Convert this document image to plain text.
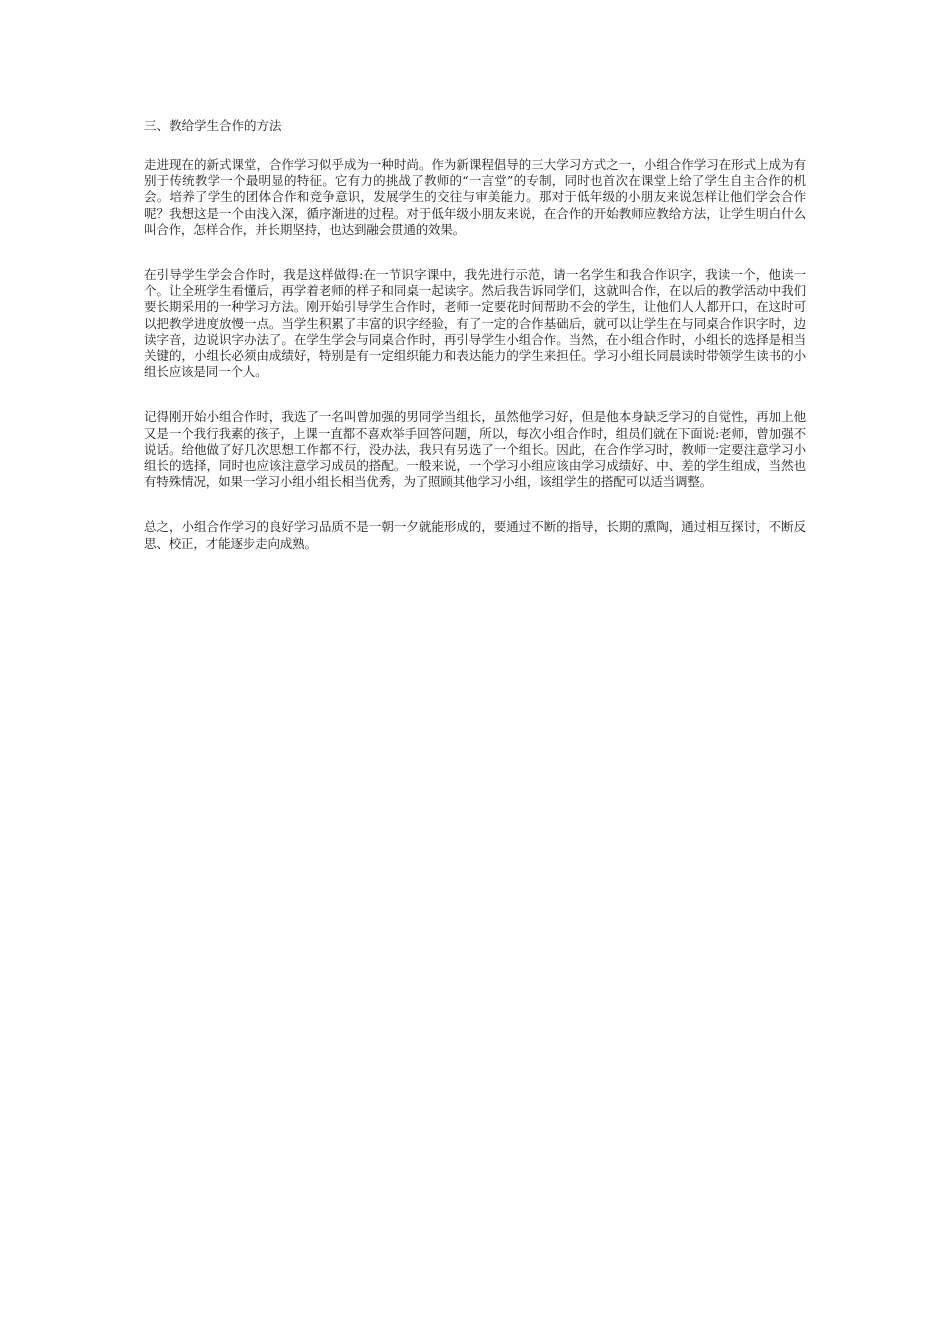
三、教给学生合作的方法

走进现在的新式课堂，合作学习似乎成为一种时尚。作为新课程倡导的三大学习方式之一，小组合作学习在形式上成为有别于传统教学一个最明显的特征。它有力的挑战了教师的“一言堂”的专制，同时也首次在课堂上给了学生自主合作的机会。培养了学生的团体合作和竞争意识，发展学生的交往与审美能力。那对于低年级的小朋友来说怎样让他们学会合作呢？我想这是一个由浅入深，循序渐进的过程。对于低年级小朋友来说，在合作的开始教师应教给方法，让学生明白什么叫合作，怎样合作，并长期坚持，也达到融会贯通的效果。

在引导学生学会合作时，我是这样做得:在一节识字课中，我先进行示范，请一名学生和我合作识字，我读一个，他读一个。让全班学生看懂后，再学着老师的样子和同桌一起读字。然后我告诉同学们，这就叫合作，在以后的教学活动中我们要长期采用的一种学习方法。刚开始引导学生合作时，老师一定要花时间帮助不会的学生，让他们人人都开口，在这时可以把教学进度放慢一点。当学生积累了丰富的识字经验，有了一定的合作基础后，就可以让学生在与同桌合作识字时，边读字音，边说识字办法了。在学生学会与同桌合作时，再引导学生小组合作。当然，在小组合作时，小组长的选择是相当关键的，小组长必须由成绩好，特别是有一定组织能力和表达能力的学生来担任。学习小组长同晨读时带领学生读书的小组长应该是同一个人。

记得刚开始小组合作时，我选了一名叫曾加强的男同学当组长，虽然他学习好，但是他本身缺乏学习的自觉性，再加上他又是一个我行我素的孩子，上课一直都不喜欢举手回答问题，所以，每次小组合作时，组员们就在下面说:老师，曾加强不说话。给他做了好几次思想工作都不行，没办法，我只有另选了一个组长。因此，在合作学习时，教师一定要注意学习小组长的选择，同时也应该注意学习成员的搭配。一般来说，一个学习小组应该由学习成绩好、中、差的学生组成，当然也有特殊情况，如果一学习小组小组长相当优秀，为了照顾其他学习小组，该组学生的搭配可以适当调整。

总之，小组合作学习的良好学习品质不是一朝一夕就能形成的，要通过不断的指导，长期的熏陶，通过相互探讨，不断反思、校正，才能逐步走向成熟。
